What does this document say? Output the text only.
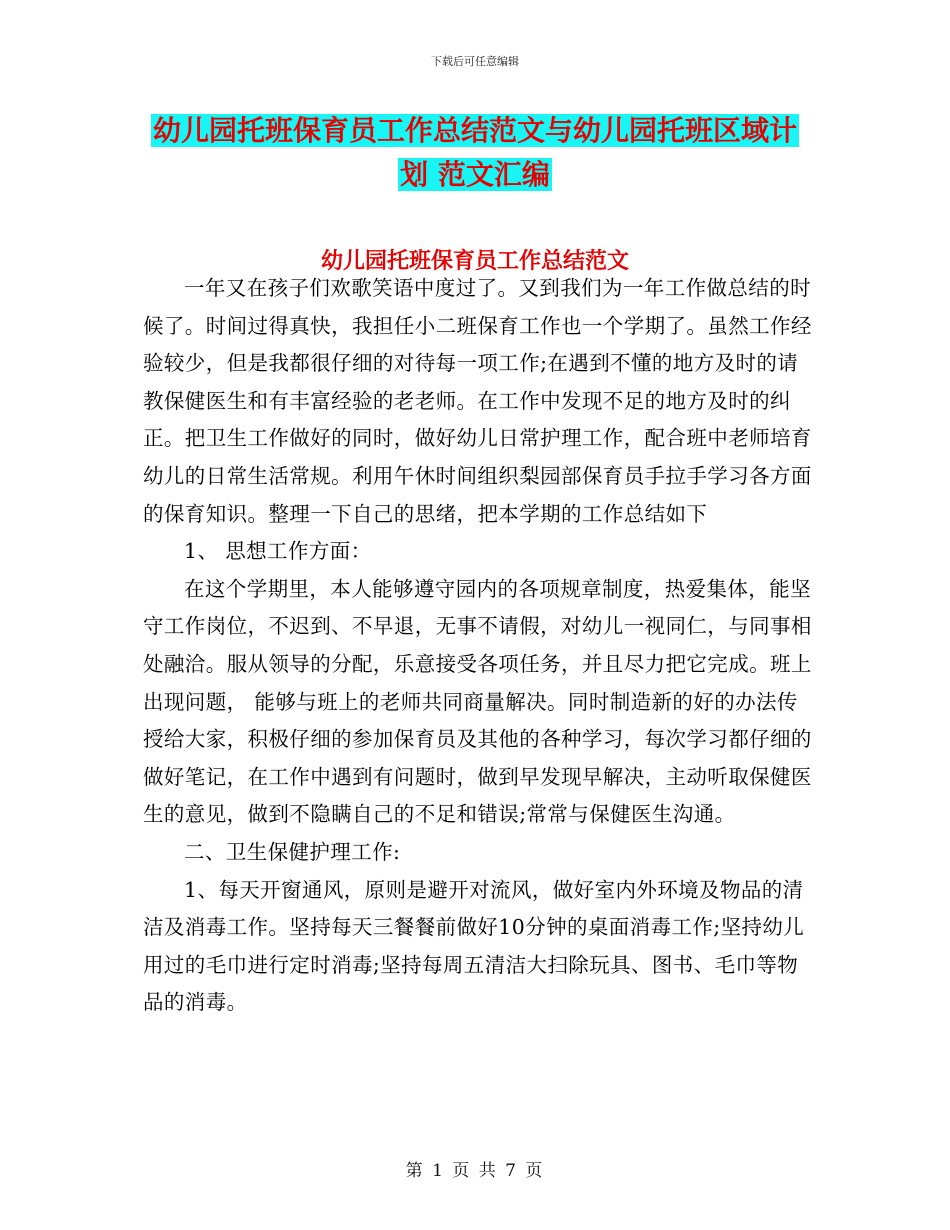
下载后可任意编辑
幼儿园托班保育员工作总结范文与幼儿园托班区域计
划 范文汇编
幼儿园托班保育员工作总结范文

一年又在孩子们欢歌笑语中度过了。又到我们为一年工作做总结的时候了。时间过得真快，我担任小二班保育工作也一个学期了。虽然工作经验较少，但是我都很仔细的对待每一项工作;在遇到不懂的地方及时的请教保健医生和有丰富经验的老老师。在工作中发现不足的地方及时的纠正。把卫生工作做好的同时，做好幼儿日常护理工作，配合班中老师培育幼儿的日常生活常规。利用午休时间组织梨园部保育员手拉手学习各方面的保育知识。整理一下自己的思绪，把本学期的工作总结如下

1、 思想工作方面：

在这个学期里，本人能够遵守园内的各项规章制度，热爱集体，能坚守工作岗位，不迟到、不早退，无事不请假，对幼儿一视同仁，与同事相处融洽。服从领导的分配，乐意接受各项任务，并且尽力把它完成。班上出现问题， 能够与班上的老师共同商量解决。同时制造新的好的办法传授给大家，积极仔细的参加保育员及其他的各种学习，每次学习都仔细的做好笔记，在工作中遇到有问题时，做到早发现早解决，主动听取保健医生的意见，做到不隐瞒自己的不足和错误;常常与保健医生沟通。

二、卫生保健护理工作:

1、每天开窗通风，原则是避开对流风，做好室内外环境及物品的清洁及消毒工作。坚持每天三餐餐前做好10分钟的桌面消毒工作;坚持幼儿用过的毛巾进行定时消毒;坚持每周五清洁大扫除玩具、图书、毛巾等物品的消毒。

第 1 页 共 7 页
